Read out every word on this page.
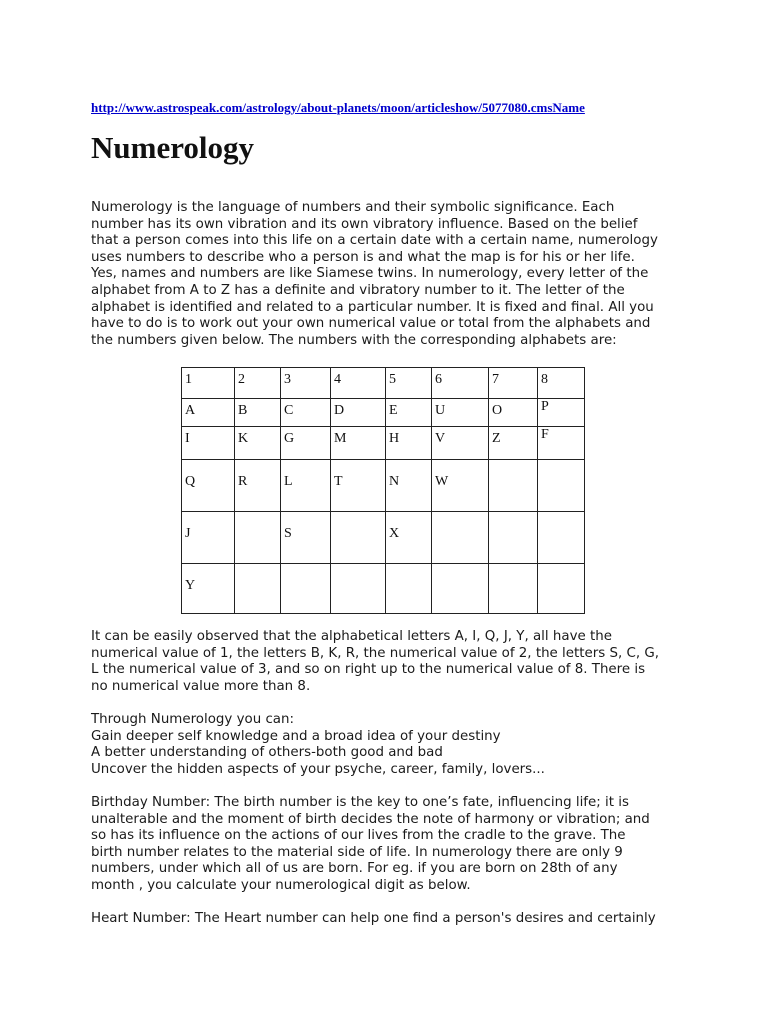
http://www.astrospeak.com/astrology/about-planets/moon/articleshow/5077080.cmsName
Numerology
Numerology is the language of numbers and their symbolic significance. Each
number has its own vibration and its own vibratory influence. Based on the belief
that a person comes into this life on a certain date with a certain name, numerology
uses numbers to describe who a person is and what the map is for his or her life.
Yes, names and numbers are like Siamese twins. In numerology, every letter of the
alphabet from A to Z has a definite and vibratory number to it. The letter of the
alphabet is identified and related to a particular number. It is fixed and final. All you
have to do is to work out your own numerical value or total from the alphabets and
the numbers given below. The numbers with the corresponding alphabets are:
1	2	3	4	5	6	7	8
A	B	C	D	E	U	O	P
I	K	G	M	H	V	Z	F
Q	R	L	T	N	W		
J		S		X			
Y							
It can be easily observed that the alphabetical letters A, I, Q, J, Y, all have the
numerical value of 1, the letters B, K, R, the numerical value of 2, the letters S, C, G,
L the numerical value of 3, and so on right up to the numerical value of 8. There is
no numerical value more than 8.
Through Numerology you can:
Gain deeper self knowledge and a broad idea of your destiny
A better understanding of others-both good and bad
Uncover the hidden aspects of your psyche, career, family, lovers...
Birthday Number: The birth number is the key to one’s fate, influencing life; it is
unalterable and the moment of birth decides the note of harmony or vibration; and
so has its influence on the actions of our lives from the cradle to the grave. The
birth number relates to the material side of life. In numerology there are only 9
numbers, under which all of us are born. For eg. if you are born on 28th of any
month , you calculate your numerological digit as below.
Heart Number: The Heart number can help one find a person's desires and certainly
